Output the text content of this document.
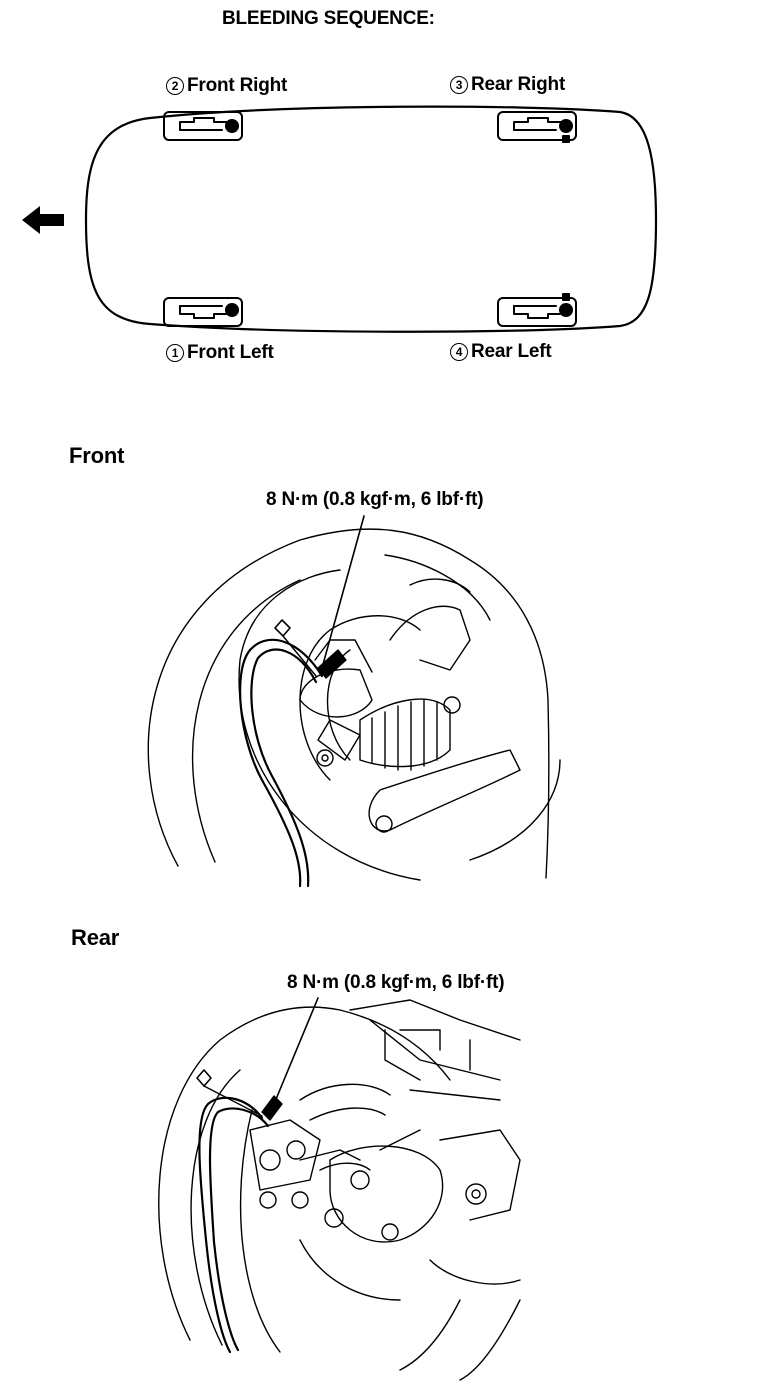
BLEEDING SEQUENCE:
2 Front Right	3 Rear Right
1 Front Left	4 Rear Left
Front
8 N·m (0.8 kgf·m, 6 lbf·ft)
Rear
8 N·m (0.8 kgf·m, 6 lbf·ft)
